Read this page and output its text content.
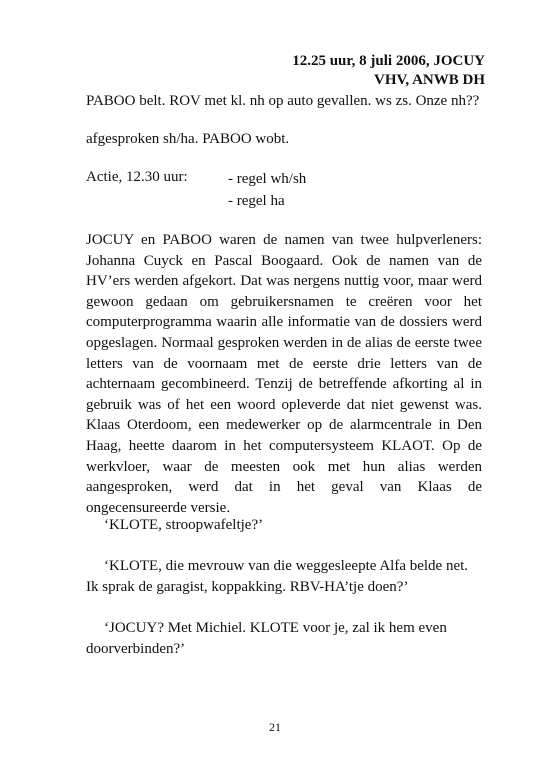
12.25 uur, 8 juli 2006, JOCUY
VHV, ANWB DH
PABOO belt. ROV met kl. nh op auto gevallen. ws zs. Onze nh??
afgesproken sh/ha. PABOO wobt.
Actie, 12.30 uur:	- regel wh/sh
- regel ha

JOCUY en PABOO waren de namen van twee hulpverleners: Johanna Cuyck en Pascal Boogaard. Ook de namen van de HV’ers werden afgekort. Dat was nergens nuttig voor, maar werd gewoon gedaan om gebruikersnamen te creëren voor het computerprogramma waarin alle informatie van de dossiers werd opgeslagen. Normaal gesproken werden in de alias de eerste twee letters van de voornaam met de eerste drie letters van de achternaam gecombineerd. Tenzij de betreffende afkorting al in gebruik was of het een woord opleverde dat niet gewenst was. Klaas Oterdoom, een medewerker op de alarmcentrale in Den Haag, heette daarom in het computersysteem KLAOT. Op de werkvloer, waar de meesten ook met hun alias werden aangesproken, werd dat in het geval van Klaas de ongecensureerde versie.

‘KLOTE, stroopwafeltje?’

‘KLOTE, die mevrouw van die weggesleepte Alfa belde net. Ik sprak de garagist, koppakking. RBV-HA’tje doen?’

‘JOCUY? Met Michiel. KLOTE voor je, zal ik hem even doorverbinden?’

21
